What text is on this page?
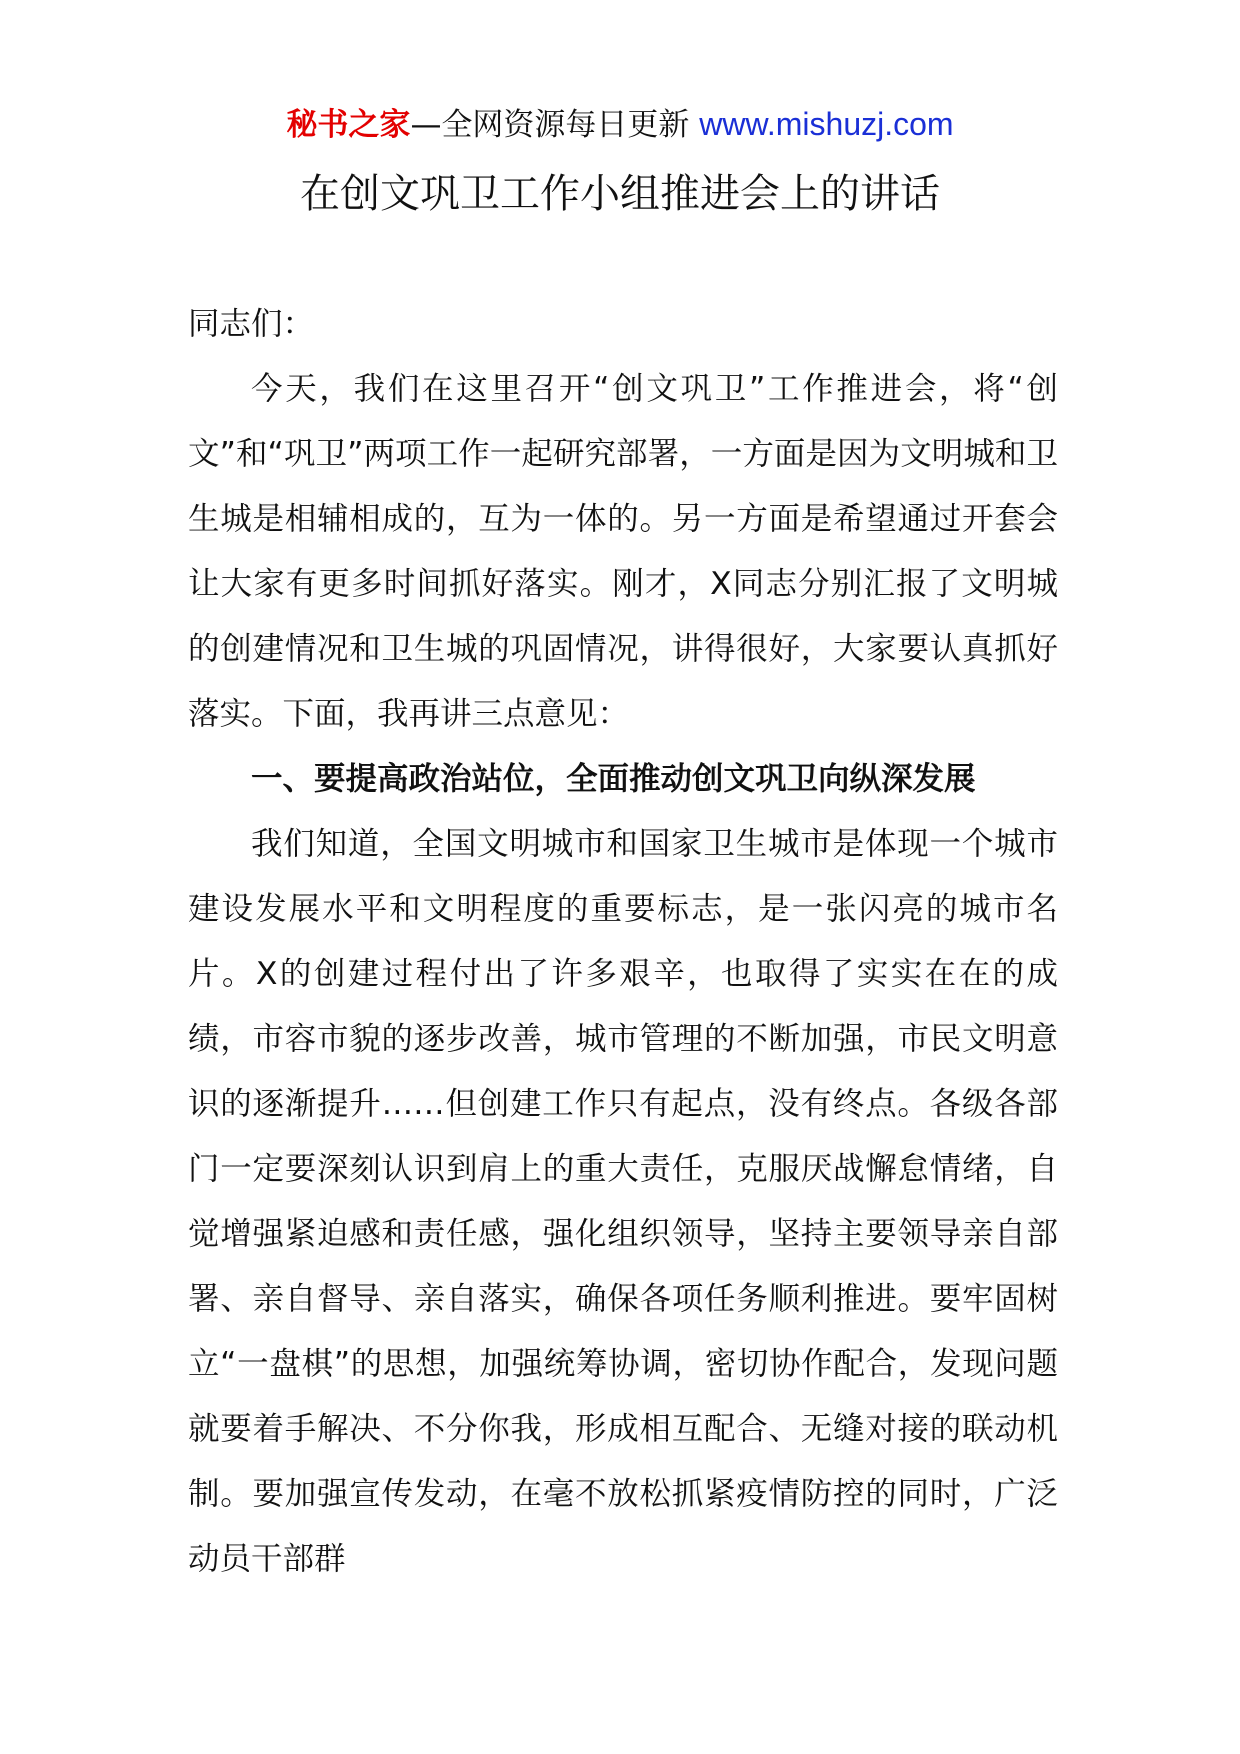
秘书之家—全网资源每日更新 www.mishuzj.com
在创文巩卫工作小组推进会上的讲话

同志们：

今天，我们在这里召开“创文巩卫”工作推进会，将“创文”和“巩卫”两项工作一起研究部署，一方面是因为文明城和卫生城是相辅相成的，互为一体的。另一方面是希望通过开套会让大家有更多时间抓好落实。刚才，X同志分别汇报了文明城的创建情况和卫生城的巩固情况，讲得很好，大家要认真抓好落实。下面，我再讲三点意见：

一、要提高政治站位，全面推动创文巩卫向纵深发展

我们知道，全国文明城市和国家卫生城市是体现一个城市建设发展水平和文明程度的重要标志，是一张闪亮的城市名片。X的创建过程付出了许多艰辛，也取得了实实在在的成绩，市容市貌的逐步改善，城市管理的不断加强，市民文明意识的逐渐提升……但创建工作只有起点，没有终点。各级各部门一定要深刻认识到肩上的重大责任，克服厌战懈怠情绪，自觉增强紧迫感和责任感，强化组织领导，坚持主要领导亲自部署、亲自督导、亲自落实，确保各项任务顺利推进。要牢固树立“一盘棋”的思想，加强统筹协调，密切协作配合，发现问题就要着手解决、不分你我，形成相互配合、无缝对接的联动机制。要加强宣传发动，在毫不放松抓紧疫情防控的同时，广泛动员干部群
